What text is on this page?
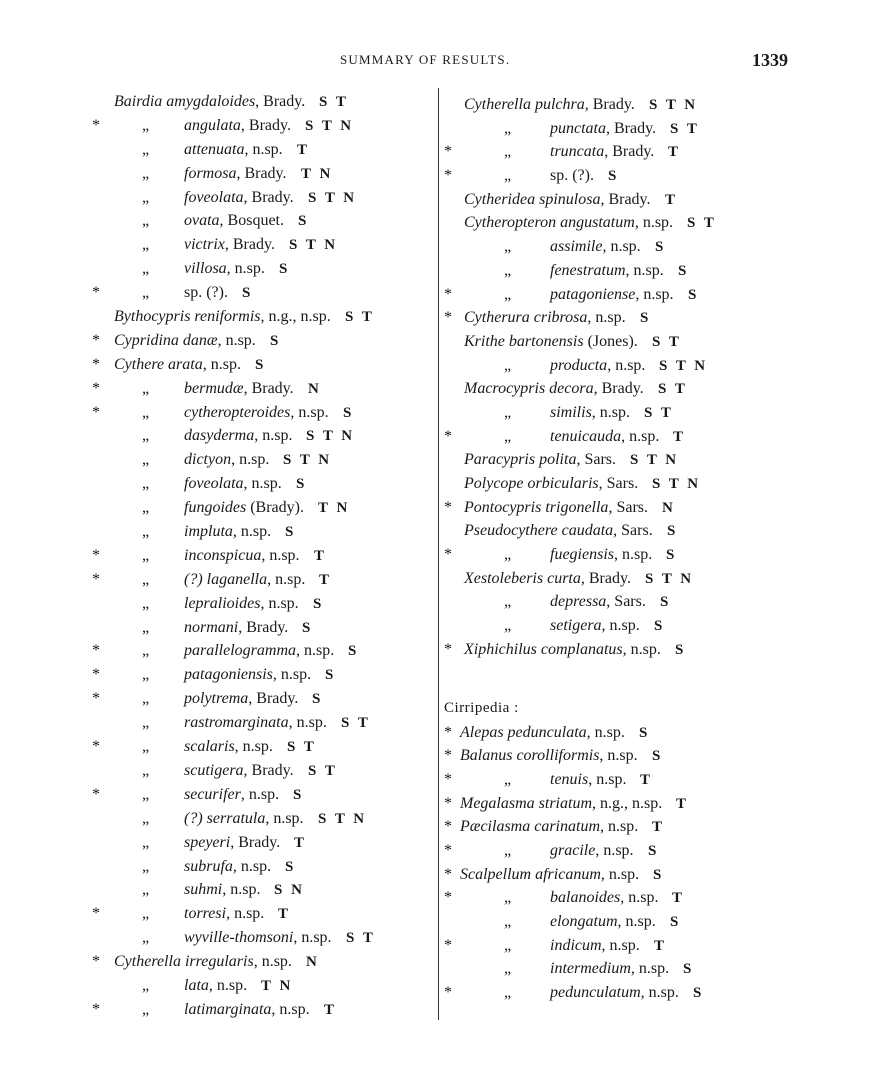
SUMMARY OF RESULTS.	1339
Bairdia amygdaloides, Brady. S T
*	„ angulata, Brady. S T N
„ attenuata, n.sp. T
„ formosa, Brady. T N
„ foveolata, Brady. S T N
„ ovata, Bosquet. S
„ victrix, Brady. S T N
„ villosa, n.sp. S
*	„ sp. (?). S
Bythocypris reniformis, n.g., n.sp. S T
* Cypridina danæ, n.sp. S
* Cythere arata, n.sp. S
*	„ bermudæ, Brady. N
*	„ cytheropteroides, n.sp. S
„ dasyderma, n.sp. S T N
„ dictyon, n.sp. S T N
„ foveolata, n.sp. S
„ fungoides (Brady). T N
„ impluta, n.sp. S
*	„ inconspicua, n.sp. T
*	„ (?) laganella, n.sp. T
„ lepralioides, n.sp. S
„ normani, Brady. S
*	„ parallelogramma, n.sp. S
*	„ patagoniensis, n.sp. S
*	„ polytrema, Brady. S
„ rastromarginata, n.sp. S T
*	„ scalaris, n.sp. S T
„ scutigera, Brady. S T
*	„ securifer, n.sp. S
„ (?) serratula, n.sp. S T N
„ speyeri, Brady. T
„ subrufa, n.sp. S
„ suhmi, n.sp. S N
*	„ torresi, n.sp. T
„ wyville-thomsoni, n.sp. S T
* Cytherella irregularis, n.sp. N
„ lata, n.sp. T N
*	„ latimarginata, n.sp. T
Cytherella pulchra, Brady. S T N
„ punctata, Brady. S T
*	„ truncata, Brady. T
*	„ sp. (?). S
Cytheridea spinulosa, Brady. T
Cytheropteron angustatum, n.sp. S T
„ assimile, n.sp. S
„ fenestratum, n.sp. S
*	„ patagoniense, n.sp. S
* Cytherura cribrosa, n.sp. S
Krithe bartonensis (Jones). S T
„ producta, n.sp. S T N
Macrocypris decora, Brady. S T
„ similis, n.sp. S T
*	„ tenuicauda, n.sp. T
Paracypris polita, Sars. S T N
Polycope orbicularis, Sars. S T N
* Pontocypris trigonella, Sars. N
Pseudocythere caudata, Sars. S
*	„ fuegiensis, n.sp. S
Xestoleberis curta, Brady. S T N
„ depressa, Sars. S
„ setigera, n.sp. S
* Xiphichilus complanatus, n.sp. S
Cirripedia :
* Alepas pedunculata, n.sp. S
* Balanus corolliformis, n.sp. S
*	„ tenuis, n.sp. T
* Megalasma striatum, n.g., n.sp. T
* Pæcilasma carinatum, n.sp. T
*	„ gracile, n.sp. S
* Scalpellum africanum, n.sp. S
*	„ balanoides, n.sp. T
„ elongatum, n.sp. S
*	„ indicum, n.sp. T
„ intermedium, n.sp. S
*	„ pedunculatum, n.sp. S
